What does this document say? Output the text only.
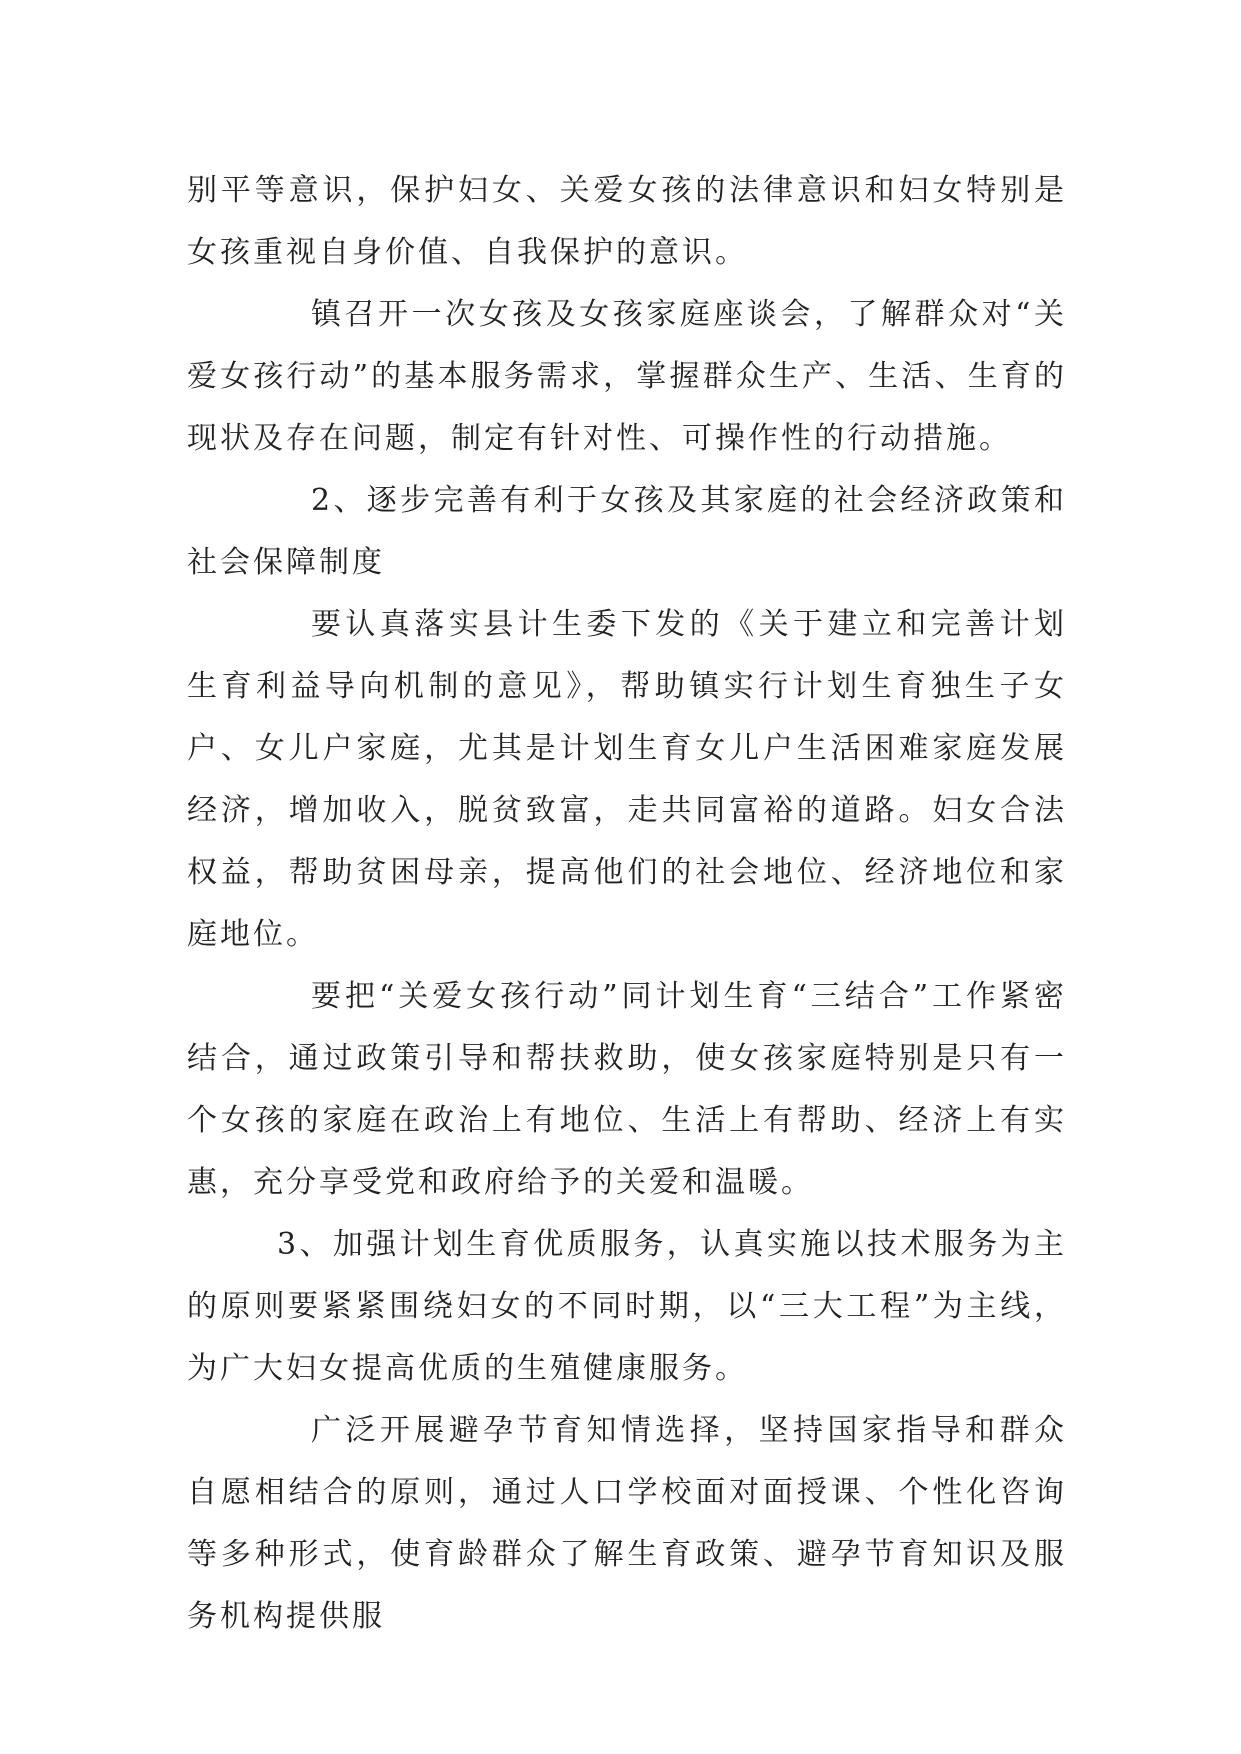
别平等意识，保护妇女、关爱女孩的法律意识和妇女特别是女孩重视自身价值、自我保护的意识。

镇召开一次女孩及女孩家庭座谈会，了解群众对“关爱女孩行动”的基本服务需求，掌握群众生产、生活、生育的现状及存在问题，制定有针对性、可操作性的行动措施。

2、逐步完善有利于女孩及其家庭的社会经济政策和社会保障制度

要认真落实县计生委下发的《关于建立和完善计划生育利益导向机制的意见》，帮助镇实行计划生育独生子女户、女儿户家庭，尤其是计划生育女儿户生活困难家庭发展经济，增加收入，脱贫致富，走共同富裕的道路。妇女合法权益，帮助贫困母亲，提高他们的社会地位、经济地位和家庭地位。

要把“关爱女孩行动”同计划生育“三结合”工作紧密结合，通过政策引导和帮扶救助，使女孩家庭特别是只有一个女孩的家庭在政治上有地位、生活上有帮助、经济上有实惠，充分享受党和政府给予的关爱和温暖。

3、加强计划生育优质服务，认真实施以技术服务为主的原则要紧紧围绕妇女的不同时期，以“三大工程”为主线，为广大妇女提高优质的生殖健康服务。

广泛开展避孕节育知情选择，坚持国家指导和群众自愿相结合的原则，通过人口学校面对面授课、个性化咨询等多种形式，使育龄群众了解生育政策、避孕节育知识及服务机构提供服
